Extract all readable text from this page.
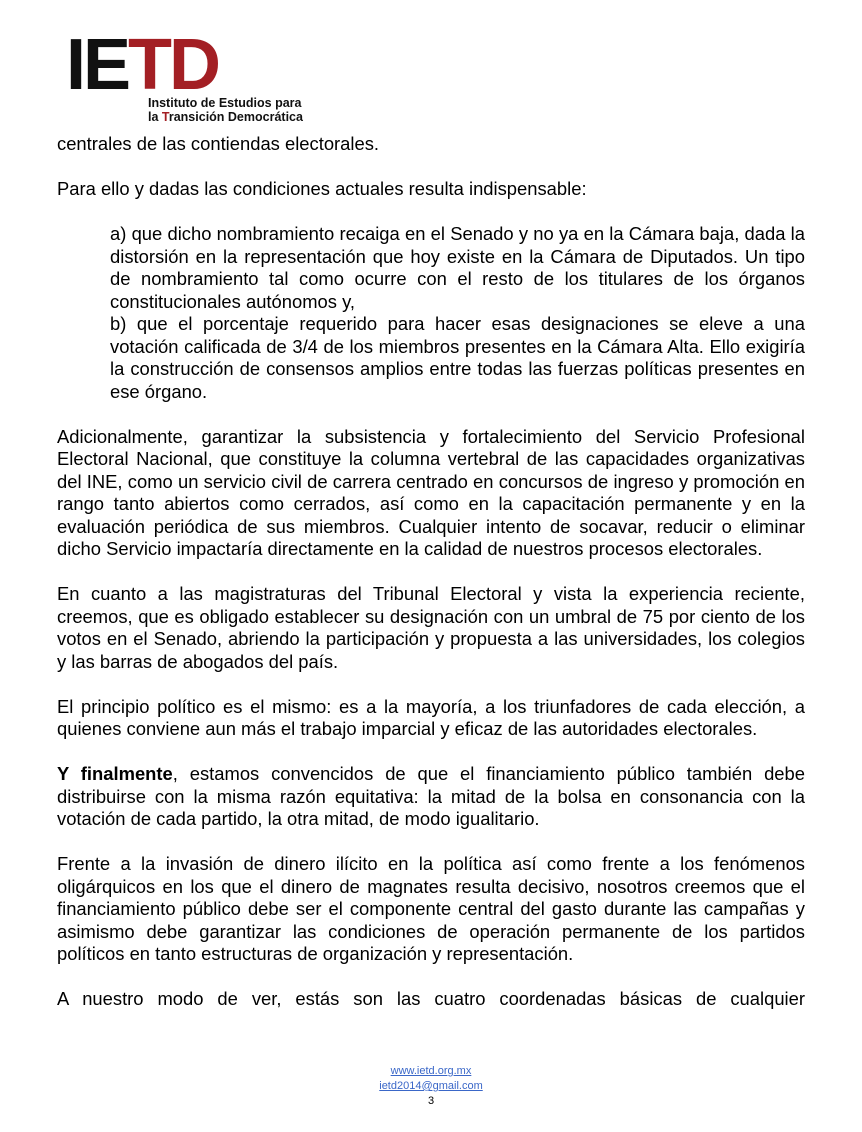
IETD
Instituto de Estudios para
la Transición Democrática

centrales de las contiendas electorales.

Para ello y dadas las condiciones actuales resulta indispensable:

a) que dicho nombramiento recaiga en el Senado y no ya en la Cámara baja, dada la distorsión en la representación que hoy existe en la Cámara de Diputados. Un tipo de nombramiento tal como ocurre con el resto de los titulares de los órganos constitucionales autónomos y,

b) que el porcentaje requerido para hacer esas designaciones se eleve a una votación calificada de 3/4 de los miembros presentes en la Cámara Alta. Ello exigiría la construcción de consensos amplios entre todas las fuerzas políticas presentes en ese órgano.

Adicionalmente, garantizar la subsistencia y fortalecimiento del Servicio Profesional Electoral Nacional, que constituye la columna vertebral de las capacidades organizativas del INE, como un servicio civil de carrera centrado en concursos de ingreso y promoción en rango tanto abiertos como cerrados, así como en la capacitación permanente y en la evaluación periódica de sus miembros. Cualquier intento de socavar, reducir o eliminar dicho Servicio impactaría directamente en la calidad de nuestros procesos electorales.

En cuanto a las magistraturas del Tribunal Electoral y vista la experiencia reciente, creemos, que es obligado establecer su designación con un umbral de 75 por ciento de los votos en el Senado, abriendo la participación y propuesta a las universidades, los colegios y las barras de abogados del país.

El principio político es el mismo: es a la mayoría, a los triunfadores de cada elección, a quienes conviene aun más el trabajo imparcial y eficaz de las autoridades electorales.

Y finalmente, estamos convencidos de que el financiamiento público también debe distribuirse con la misma razón equitativa: la mitad de la bolsa en consonancia con la votación de cada partido, la otra mitad, de modo igualitario.

Frente a la invasión de dinero ilícito en la política así como frente a los fenómenos oligárquicos en los que el dinero de magnates resulta decisivo, nosotros creemos que el financiamiento público debe ser el componente central del gasto durante las campañas y asimismo debe garantizar las condiciones de operación permanente de los partidos políticos en tanto estructuras de organización y representación.

A nuestro modo de ver, estás son las cuatro coordenadas básicas de cualquier

www.ietd.org.mx
ietd2014@gmail.com
3
